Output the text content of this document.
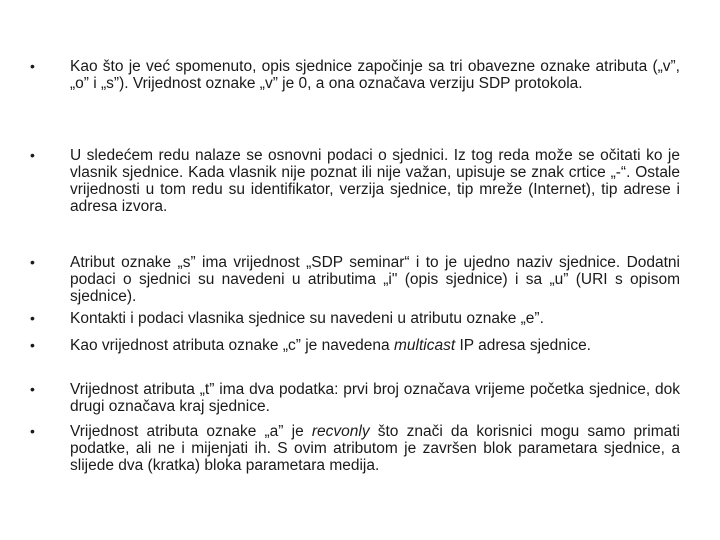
•	Kao što je već spomenuto, opis sjednice započinje sa tri obavezne oznake atributa („v”, „o” i „s”). Vrijednost oznake „v” je 0, a ona označava verziju SDP protokola.
•	U sledećem redu nalaze se osnovni podaci o sjednici. Iz tog reda može se očitati ko je vlasnik sjednice. Kada vlasnik nije poznat ili nije važan, upisuje se znak crtice „-“. Ostale vrijednosti u tom redu su identifikator, verzija sjednice, tip mreže (Internet), tip adrese i adresa izvora.
•	Atribut oznake „s” ima vrijednost „SDP seminar“ i to je ujedno naziv sjednice. Dodatni podaci o sjednici su navedeni u atributima „i" (opis sjednice) i sa „u” (URI s opisom sjednice).
•	Kontakti i podaci vlasnika sjednice su navedeni u atributu oznake „e”.
•	Kao vrijednost atributa oznake „c” je navedena multicast IP adresa sjednice.
•	Vrijednost atributa „t” ima dva podatka: prvi broj označava vrijeme početka sjednice, dok drugi označava kraj sjednice.
•	Vrijednost atributa oznake „a” je recvonly što znači da korisnici mogu samo primati podatke, ali ne i mijenjati ih. S ovim atributom je završen blok parametara sjednice, a slijede dva (kratka) bloka parametara medija.
